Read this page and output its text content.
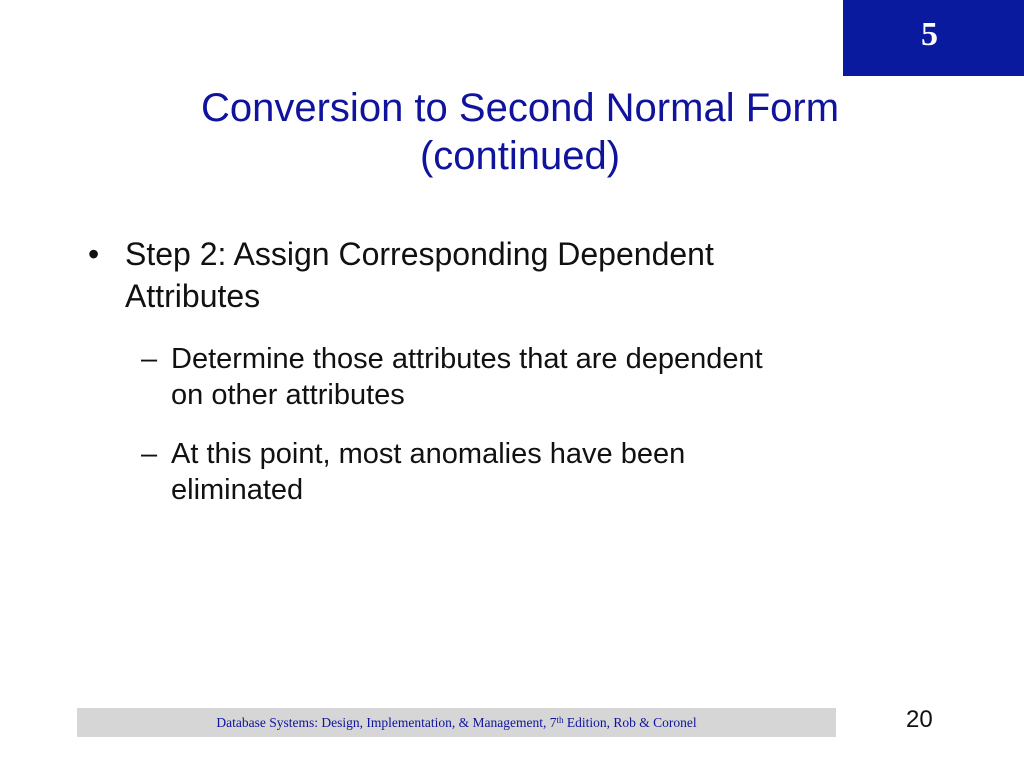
5
Conversion to Second Normal Form
(continued)
• Step 2: Assign Corresponding Dependent
Attributes
– Determine those attributes that are dependent
on other attributes
– At this point, most anomalies have been
eliminated
Database Systems: Design, Implementation, & Management, 7th Edition, Rob & Coronel	20
